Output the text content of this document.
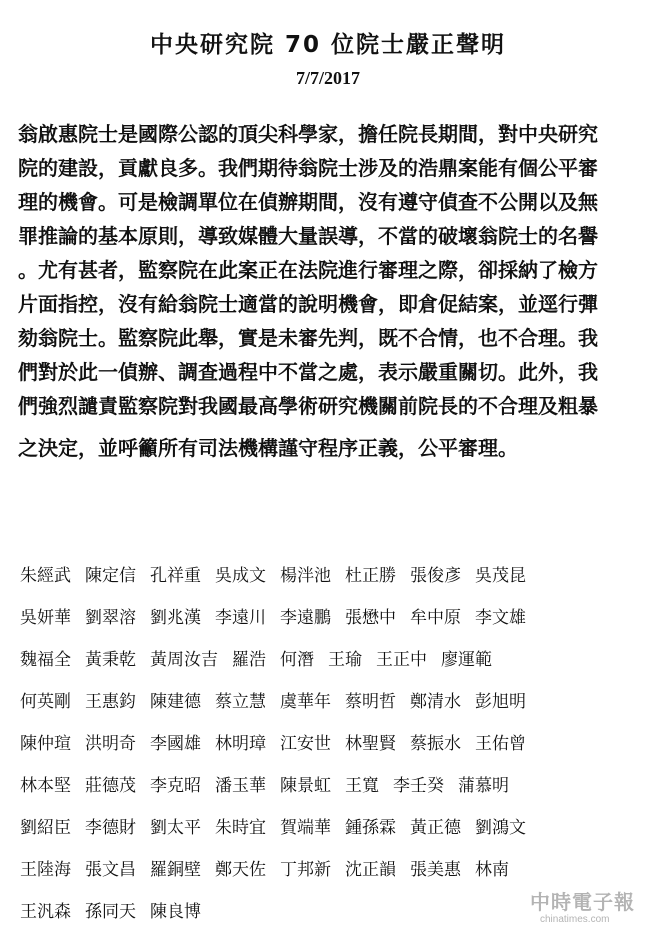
中央研究院 70 位院士嚴正聲明
7/7/2017
翁啟惠院士是國際公認的頂尖科學家，擔任院長期間，對中央研究
院的建設，貢獻良多。我們期待翁院士涉及的浩鼎案能有個公平審
理的機會。可是檢調單位在偵辦期間，沒有遵守偵查不公開以及無
罪推論的基本原則，導致媒體大量誤導，不當的破壞翁院士的名譽
。尤有甚者，監察院在此案正在法院進行審理之際，卻採納了檢方
片面指控，沒有給翁院士適當的說明機會，即倉促結案，並逕行彈
劾翁院士。監察院此舉，實是未審先判，既不合情，也不合理。我
們對於此一偵辦、調查過程中不當之處，表示嚴重關切。此外，我
們強烈譴責監察院對我國最高學術研究機關前院長的不合理及粗暴
之決定，並呼籲所有司法機構謹守程序正義，公平審理。
朱經武 陳定信 孔祥重 吳成文 楊泮池 杜正勝 張俊彥 吳茂昆
吳妍華 劉翠溶 劉兆漢 李遠川 李遠鵬 張懋中 牟中原 李文雄
魏福全 黃秉乾 黃周汝吉 羅浩 何潛 王瑜 王正中 廖運範
何英剛 王惠鈞 陳建德 蔡立慧 虞華年 蔡明哲 鄭清水 彭旭明
陳仲瑄 洪明奇 李國雄 林明璋 江安世 林聖賢 蔡振水 王佑曾
林本堅 莊德茂 李克昭 潘玉華 陳景虹 王寬 李壬癸 蒲慕明
劉紹臣 李德財 劉太平 朱時宜 賀端華 鍾孫霖 黃正德 劉鴻文
王陸海 張文昌 羅銅壁 鄭天佐 丁邦新 沈正韻 張美惠 林南
王汎森 孫同天 陳良博	中時電子報
chinatimes.com
